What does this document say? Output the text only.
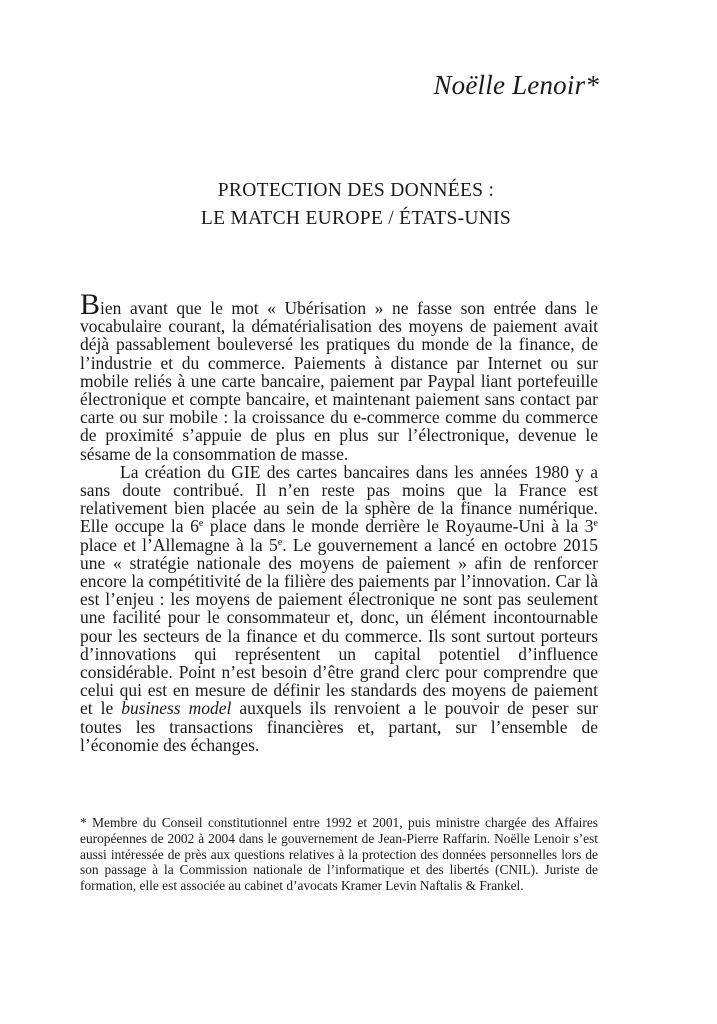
Noëlle Lenoir*
PROTECTION DES DONNÉES :
LE MATCH EUROPE / ÉTATS-UNIS

Bien avant que le mot « Ubérisation » ne fasse son entrée dans le vocabulaire courant, la dématérialisation des moyens de paiement avait déjà passablement bouleversé les pratiques du monde de la finance, de l’industrie et du commerce. Paiements à distance par Internet ou sur mobile reliés à une carte bancaire, paiement par Paypal liant portefeuille électronique et compte bancaire, et maintenant paiement sans contact par carte ou sur mobile : la croissance du e-commerce comme du commerce de proximité s’appuie de plus en plus sur l’électronique, devenue le sésame de la consommation de masse.

La création du GIE des cartes bancaires dans les années 1980 y a sans doute contribué. Il n’en reste pas moins que la France est relativement bien placée au sein de la sphère de la finance numérique. Elle occupe la 6e place dans le monde derrière le Royaume-Uni à la 3e place et l’Allemagne à la 5e. Le gouvernement a lancé en octobre 2015 une « stratégie nationale des moyens de paiement » afin de renforcer encore la compétitivité de la filière des paiements par l’innovation. Car là est l’enjeu : les moyens de paiement électronique ne sont pas seulement une facilité pour le consommateur et, donc, un élément incontournable pour les secteurs de la finance et du commerce. Ils sont surtout porteurs d’innovations qui représentent un capital potentiel d’influence considérable. Point n’est besoin d’être grand clerc pour comprendre que celui qui est en mesure de définir les standards des moyens de paiement et le business model auxquels ils renvoient a le pouvoir de peser sur toutes les transactions financières et, partant, sur l’ensemble de l’économie des échanges.

* Membre du Conseil constitutionnel entre 1992 et 2001, puis ministre chargée des Affaires européennes de 2002 à 2004 dans le gouvernement de Jean-Pierre Raffarin. Noëlle Lenoir s’est aussi intéressée de près aux questions relatives à la protection des données personnelles lors de son passage à la Commission nationale de l’informatique et des libertés (CNIL). Juriste de formation, elle est associée au cabinet d’avocats Kramer Levin Naftalis & Frankel.
